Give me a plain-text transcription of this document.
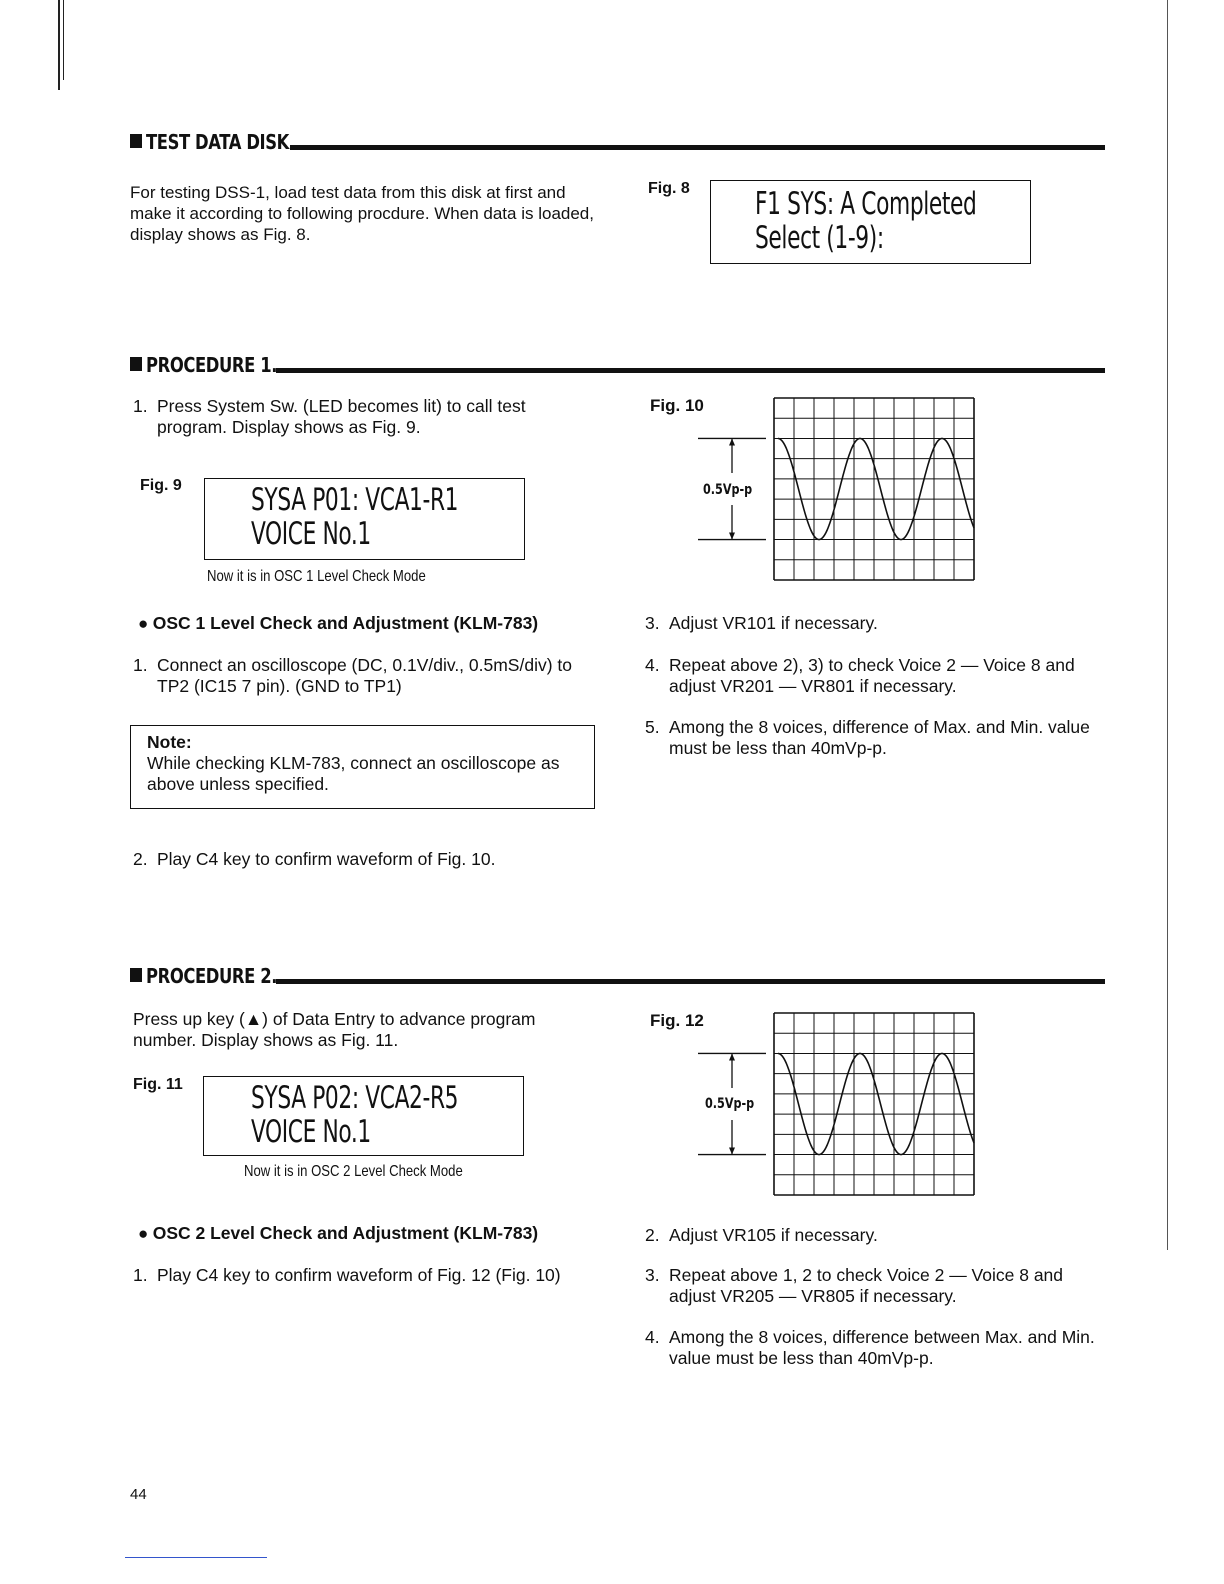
TEST DATA DISK
For testing DSS-1, load test data from this disk at first and make it according to following procdure. When data is loaded, display shows as Fig. 8.
Fig. 8 F1 SYS: A Completed
Select (1-9):
PROCEDURE 1.
1. Press System Sw. (LED becomes lit) to call test program. Display shows as Fig. 9.
Fig. 9 SYSA P01: VCA1-R1
VOICE No.1
Now it is in OSC 1 Level Check Mode
Fig. 10
0.5Vp-p
● OSC 1 Level Check and Adjustment (KLM-783)
1. Connect an oscilloscope (DC, 0.1V/div., 0.5mS/div) to TP2 (IC15 7 pin). (GND to TP1)
Note:
While checking KLM-783, connect an oscilloscope as above unless specified.
2. Play C4 key to confirm waveform of Fig. 10.
3. Adjust VR101 if necessary.
4. Repeat above 2), 3) to check Voice 2 — Voice 8 and adjust VR201 — VR801 if necessary.
5. Among the 8 voices, difference of Max. and Min. value must be less than 40mVp-p.
PROCEDURE 2.
Press up key (▲) of Data Entry to advance program number. Display shows as Fig. 11.
Fig. 11 SYSA P02: VCA2-R5
VOICE No.1
Now it is in OSC 2 Level Check Mode
Fig. 12
0.5Vp-p
● OSC 2 Level Check and Adjustment (KLM-783)
1. Play C4 key to confirm waveform of Fig. 12 (Fig. 10)
2. Adjust VR105 if necessary.
3. Repeat above 1, 2 to check Voice 2 — Voice 8 and adjust VR205 — VR805 if necessary.
4. Among the 8 voices, difference between Max. and Min. value must be less than 40mVp-p.
44
